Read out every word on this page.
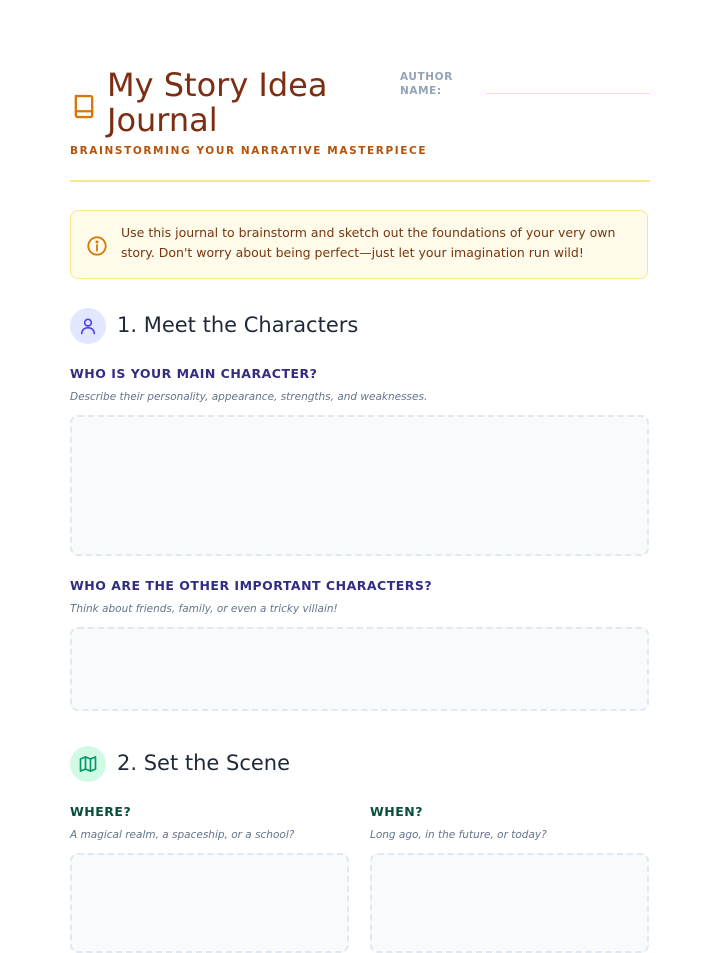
My Story Idea Journal
BRAINSTORMING YOUR NARRATIVE MASTERPIECE
AUTHOR NAME:
Use this journal to brainstorm and sketch out the foundations of your very own story. Don't worry about being perfect—just let your imagination run wild!
1. Meet the Characters
WHO IS YOUR MAIN CHARACTER?
Describe their personality, appearance, strengths, and weaknesses.
WHO ARE THE OTHER IMPORTANT CHARACTERS?
Think about friends, family, or even a tricky villain!
2. Set the Scene
WHERE?
A magical realm, a spaceship, or a school?
WHEN?
Long ago, in the future, or today?
